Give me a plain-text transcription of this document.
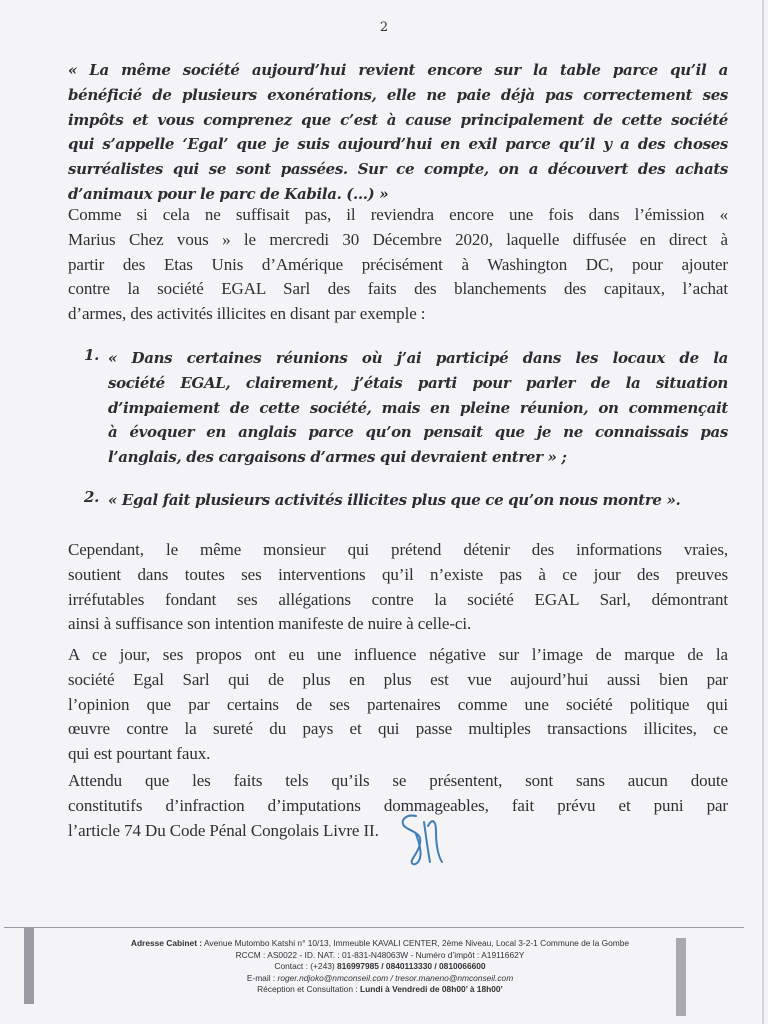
2
« La même société aujourd’hui revient encore sur la table parce qu’il a
bénéficié de plusieurs exonérations, elle ne paie déjà pas correctement ses
impôts et vous comprenez que c’est à cause principalement de cette société
qui s’appelle ‘Egal’ que je suis aujourd’hui en exil parce qu’il y a des choses
surréalistes qui se sont passées. Sur ce compte, on a découvert des achats
d’animaux pour le parc de Kabila. (...) »
Comme si cela ne suffisait pas, il reviendra encore une fois dans l’émission «
Marius Chez vous » le mercredi 30 Décembre 2020, laquelle diffusée en direct à
partir des Etas Unis d’Amérique précisément à Washington DC, pour ajouter
contre la société EGAL Sarl des faits des blanchements des capitaux, l’achat
d’armes, des activités illicites en disant par exemple :
1. « Dans certaines réunions où j’ai participé dans les locaux de la
société EGAL, clairement, j’étais parti pour parler de la situation
d’impaiement de cette société, mais en pleine réunion, on commençait
à évoquer en anglais parce qu’on pensait que je ne connaissais pas
l’anglais, des cargaisons d’armes qui devraient entrer » ;
2. « Egal fait plusieurs activités illicites plus que ce qu’on nous montre ».
Cependant, le même monsieur qui prétend détenir des informations vraies,
soutient dans toutes ses interventions qu’il n’existe pas à ce jour des preuves
irréfutables fondant ses allégations contre la société EGAL Sarl, démontrant
ainsi à suffisance son intention manifeste de nuire à celle-ci.
A ce jour, ses propos ont eu une influence négative sur l’image de marque de la
société Egal Sarl qui de plus en plus est vue aujourd’hui aussi bien par
l’opinion que par certains de ses partenaires comme une société politique qui
œuvre contre la sureté du pays et qui passe multiples transactions illicites, ce
qui est pourtant faux.
Attendu que les faits tels qu’ils se présentent, sont sans aucun doute
constitutifs d’infraction d’imputations dommageables, fait prévu et puni par
l’article 74 Du Code Pénal Congolais Livre II.
Adresse Cabinet : Avenue Mutombo Katshi n° 10/13, Immeuble KAVALI CENTER, 2ème Niveau, Local 3-2-1 Commune de la Gombe
RCCM : AS0022 - ID. NAT. : 01-831-N48063W - Numéro d’impôt : A1911662Y
Contact : (+243) 816997985 / 0840113330 / 0810066600
E-mail : roger.ndjoko@nmconseil.com / tresor.maneno@nmconseil.com
Réception et Consultation : Lundi à Vendredi de 08h00’ à 18h00’
